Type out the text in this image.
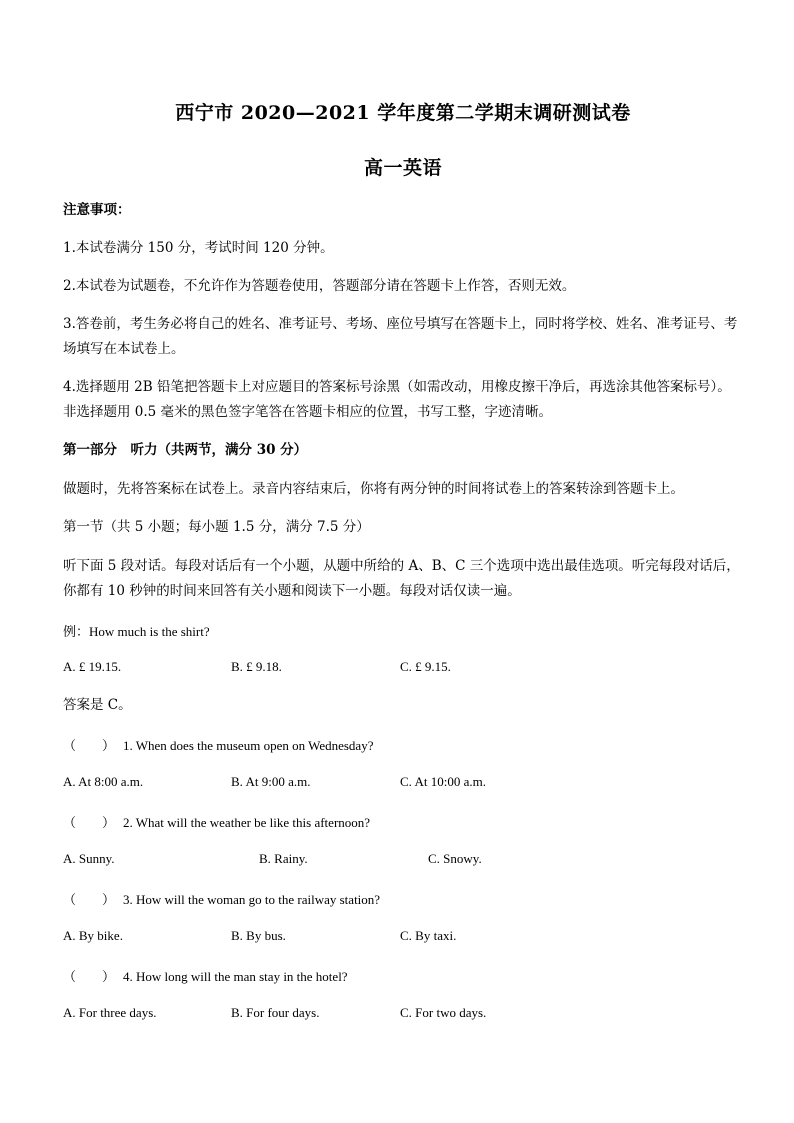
西宁市 2020—2021 学年度第二学期末调研测试卷
高一英语
注意事项：
1.本试卷满分 150 分，考试时间 120 分钟。
2.本试卷为试题卷，不允许作为答题卷使用，答题部分请在答题卡上作答，否则无效。
3.答卷前，考生务必将自己的姓名、准考证号、考场、座位号填写在答题卡上，同时将学校、姓名、准考证号、考场填写在本试卷上。
4.选择题用 2B 铅笔把答题卡上对应题目的答案标号涂黑（如需改动，用橡皮擦干净后，再选涂其他答案标号）。非选择题用 0.5 毫米的黑色签字笔答在答题卡相应的位置，书写工整，字迹清晰。
第一部分　听力（共两节，满分 30 分）
做题时，先将答案标在试卷上。录音内容结束后，你将有两分钟的时间将试卷上的答案转涂到答题卡上。
第一节（共 5 小题；每小题 1.5 分，满分 7.5 分）
听下面 5 段对话。每段对话后有一个小题，从题中所给的 A、B、C 三个选项中选出最佳选项。听完每段对话后，你都有 10 秒钟的时间来回答有关小题和阅读下一小题。每段对话仅读一遍。
例：How much is the shirt?
A. £ 19.15.	B. £ 9.18.	C. £ 9.15.
答案是 C。
（　　） 1. When does the museum open on Wednesday?
A. At 8:00 a.m.	B. At 9:00 a.m.	C. At 10:00 a.m.
（　　） 2. What will the weather be like this afternoon?
A. Sunny.	B. Rainy.	C. Snowy.
（　　） 3. How will the woman go to the railway station?
A. By bike.	B. By bus.	C. By taxi.
（　　） 4. How long will the man stay in the hotel?
A. For three days.	B. For four days.	C. For two days.
